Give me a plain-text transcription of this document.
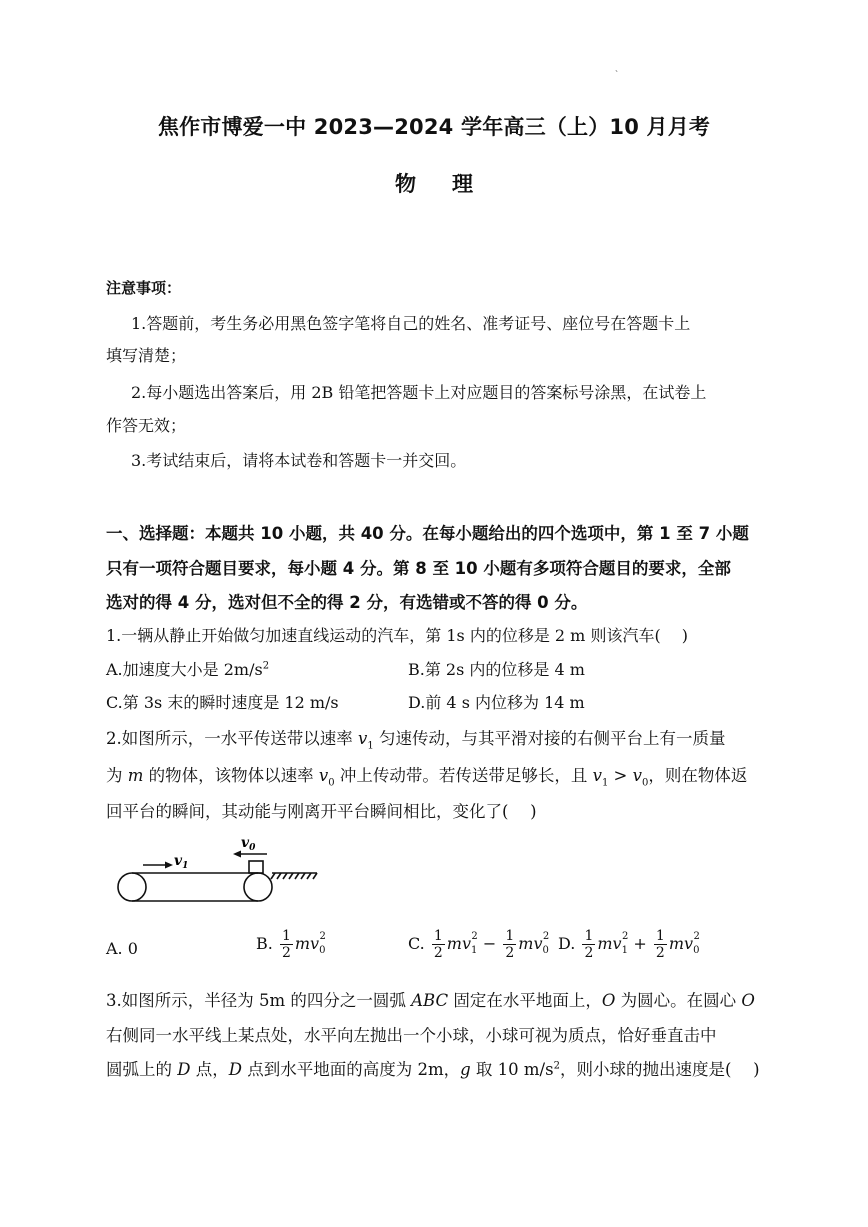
、
焦作市博爱一中 2023—2024 学年高三（上）10 月月考
物理
注意事项：
1.答题前，考生务必用黑色签字笔将自己的姓名、准考证号、座位号在答题卡上
填写清楚；
2.每小题选出答案后，用 2B 铅笔把答题卡上对应题目的答案标号涂黑，在试卷上
作答无效；
3.考试结束后，请将本试卷和答题卡一并交回。
一、选择题：本题共 10 小题，共 40 分。在每小题给出的四个选项中，第 1 至 7 小题
只有一项符合题目要求，每小题 4 分。第 8 至 10 小题有多项符合题目的要求，全部
选对的得 4 分，选对但不全的得 2 分，有选错或不答的得 0 分。
1.一辆从静止开始做匀加速直线运动的汽车，第 1s 内的位移是 2 m 则该汽车(　 )
A.加速度大小是 $2m/s^2$	B.第 2s 内的位移是 4 m
C.第 3s 末的瞬时速度是 12 m/s	D.前 4 s 内位移为 14 m
2.如图所示，一水平传送带以速率 $v_1$ 匀速传动，与其平滑对接的右侧平台上有一质量
为 m 的物体，该物体以速率 $v_0$ 冲上传动带。若传送带足够长，且 $v_1 > v_0$，则在物体返
回平台的瞬间，其动能与刚离开平台瞬间相比，变化了(　 )
$v_1$
$v_0$
A. 0	B. $\frac{1}{2} mv_0^2$	C. $\frac{1}{2} mv_1^2 - \frac{1}{2} mv_0^2$ D. $\frac{1}{2} mv_1^2 + \frac{1}{2} mv_0^2$
3.如图所示，半径为 5m 的四分之一圆弧 ABC 固定在水平地面上，O 为圆心。在圆心 O
右侧同一水平线上某点处，水平向左抛出一个小球，小球可视为质点，恰好垂直击中
圆弧上的 D 点，D 点到水平地面的高度为 2m，g 取 10 $m/s^2$，则小球的抛出速度是(　 )
